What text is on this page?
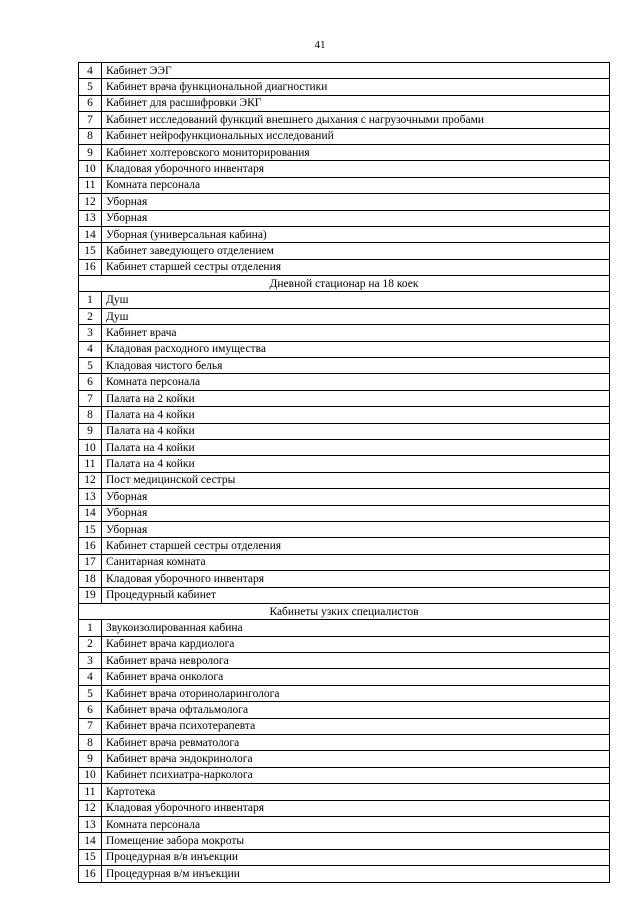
41
4	Кабинет ЭЭГ
5	Кабинет врача функциональной диагностики
6	Кабинет для расшифровки ЭКГ
7	Кабинет исследований функций внешнего дыхания с нагрузочными пробами
8	Кабинет нейрофункциональных исследований
9	Кабинет холтеровского мониторирования
10	Кладовая уборочного инвентаря
11	Комната персонала
12	Уборная
13	Уборная
14	Уборная (универсальная кабина)
15	Кабинет заведующего отделением
16	Кабинет старшей сестры отделения
Дневной стационар на 18 коек	
1	Душ
2	Душ
3	Кабинет врача
4	Кладовая расходного имущества
5	Кладовая чистого белья
6	Комната персонала
7	Палата на 2 койки
8	Палата на 4 койки
9	Палата на 4 койки
10	Палата на 4 койки
11	Палата на 4 койки
12	Пост медицинской сестры
13	Уборная
14	Уборная
15	Уборная
16	Кабинет старшей сестры отделения
17	Санитарная комната
18	Кладовая уборочного инвентаря
19	Процедурный кабинет
Кабинеты узких специалистов	
1	Звукоизолированная кабина
2	Кабинет врача кардиолога
3	Кабинет врача невролога
4	Кабинет врача онколога
5	Кабинет врача оториноларинголога
6	Кабинет врача офтальмолога
7	Кабинет врача психотерапевта
8	Кабинет врача ревматолога
9	Кабинет врача эндокринолога
10	Кабинет психиатра-нарколога
11	Картотека
12	Кладовая уборочного инвентаря
13	Комната персонала
14	Помещение забора мокроты
15	Процедурная в/в инъекции
16	Процедурная в/м инъекции
